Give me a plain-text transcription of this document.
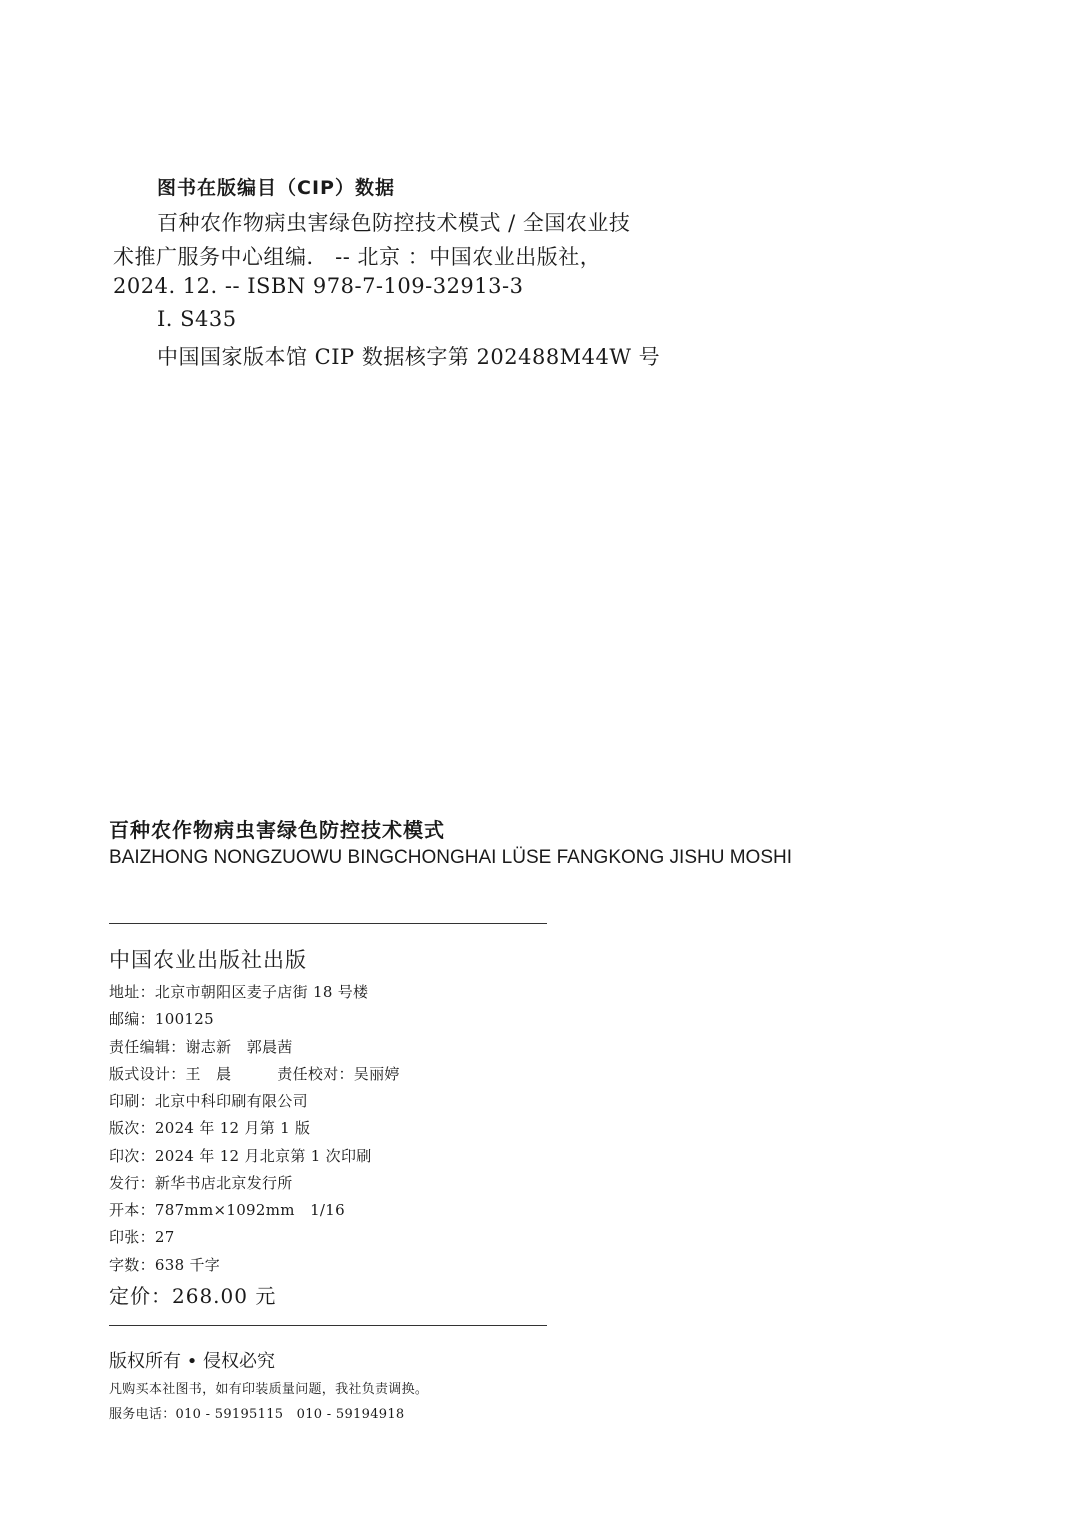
图书在版编目（CIP）数据
百种农作物病虫害绿色防控技术模式 / 全国农业技
术推广服务中心组编． -- 北京 ：中国农业出版社，
2024. 12. -- ISBN 978-7-109-32913-3
Ⅰ. S435
中国国家版本馆 CIP 数据核字第 202488M44W 号
百种农作物病虫害绿色防控技术模式
BAIZHONG NONGZUOWU BINGCHONGHAI LÜSE FANGKONG JISHU MOSHI
中国农业出版社出版
地址：北京市朝阳区麦子店街 18 号楼
邮编：100125
责任编辑：谢志新　郭晨茜
版式设计：王　晨　　　责任校对：吴丽婷
印刷：北京中科印刷有限公司
版次：2024 年 12 月第 1 版
印次：2024 年 12 月北京第 1 次印刷
发行：新华书店北京发行所
开本：787mm×1092mm　1/16
印张：27
字数：638 千字
定价：268.00 元
版权所有 • 侵权必究
凡购买本社图书，如有印装质量问题，我社负责调换。
服务电话：010 - 59195115　010 - 59194918
